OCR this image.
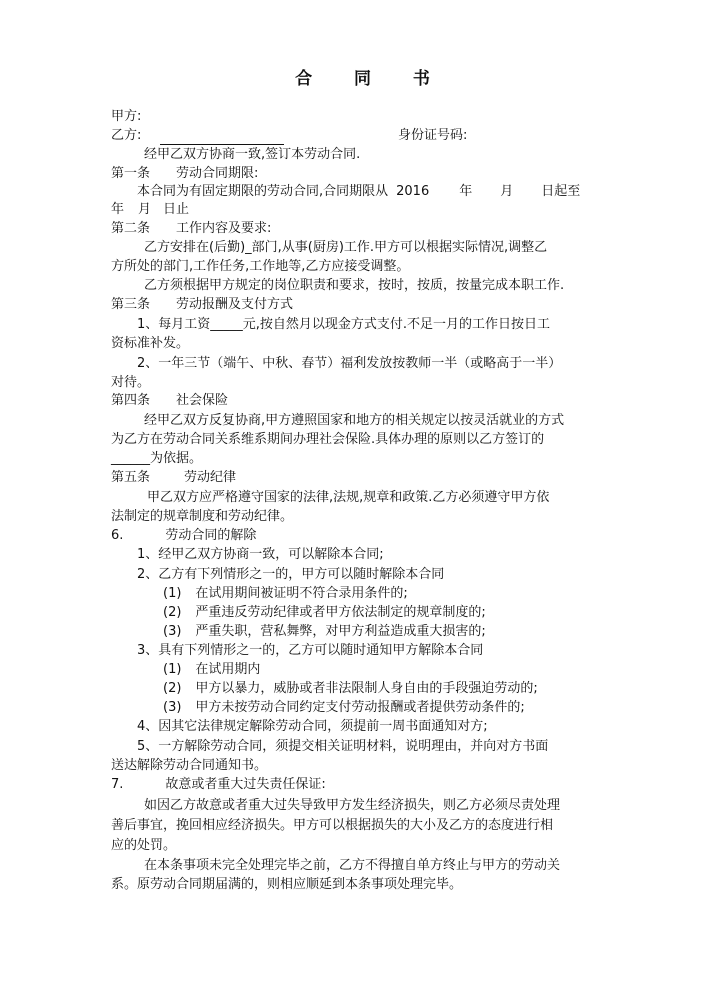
合 同 书
甲方:
乙方:	身份证号码:
经甲乙双方协商一致,签订本劳动合同.
第一条 劳动合同期限:
本合同为有固定期限的劳动合同,合同期限从 2016 年 月 日起至
年 月 日止
第二条 工作内容及要求:
乙方安排在(后勤)_部门,从事(厨房)工作.甲方可以根据实际情况,调整乙
方所处的部门,工作任务,工作地等,乙方应接受调整。
乙方须根据甲方规定的岗位职责和要求，按时，按质，按量完成本职工作.
第三条 劳动报酬及支付方式
1、每月工资_____元,按自然月以现金方式支付.不足一月的工作日按日工
资标准补发。
2、一年三节（端午、中秋、春节）福利发放按教师一半（或略高于一半）
对待。
第四条　　社会保险
经甲乙双方反复协商,甲方遵照国家和地方的相关规定以按灵活就业的方式
为乙方在劳动合同关系维系期间办理社会保险.具体办理的原则以乙方签订的
______为依据。
第五条	劳动纪律
甲乙双方应严格遵守国家的法律,法规,规章和政策.乙方必须遵守甲方依
法制定的规章制度和劳动纪律。
6.	劳动合同的解除
1、经甲乙双方协商一致，可以解除本合同;
2、乙方有下列情形之一的，甲方可以随时解除本合同
(1) 在试用期间被证明不符合录用条件的;
(2) 严重违反劳动纪律或者甲方依法制定的规章制度的;
(3) 严重失职，营私舞弊，对甲方利益造成重大损害的;
3、具有下列情形之一的，乙方可以随时通知甲方解除本合同
(1) 在试用期内
(2) 甲方以暴力，威胁或者非法限制人身自由的手段强迫劳动的;
(3) 甲方未按劳动合同约定支付劳动报酬或者提供劳动条件的;
4、因其它法律规定解除劳动合同，须提前一周书面通知对方;
5、一方解除劳动合同，须提交相关证明材料，说明理由，并向对方书面
送达解除劳动合同通知书。
7.	故意或者重大过失责任保证:
如因乙方故意或者重大过失导致甲方发生经济损失，则乙方必须尽责处理
善后事宜，挽回相应经济损失。甲方可以根据损失的大小及乙方的态度进行相
应的处罚。
在本条事项未完全处理完毕之前，乙方不得擅自单方终止与甲方的劳动关
系。原劳动合同期届满的，则相应顺延到本条事项处理完毕。
